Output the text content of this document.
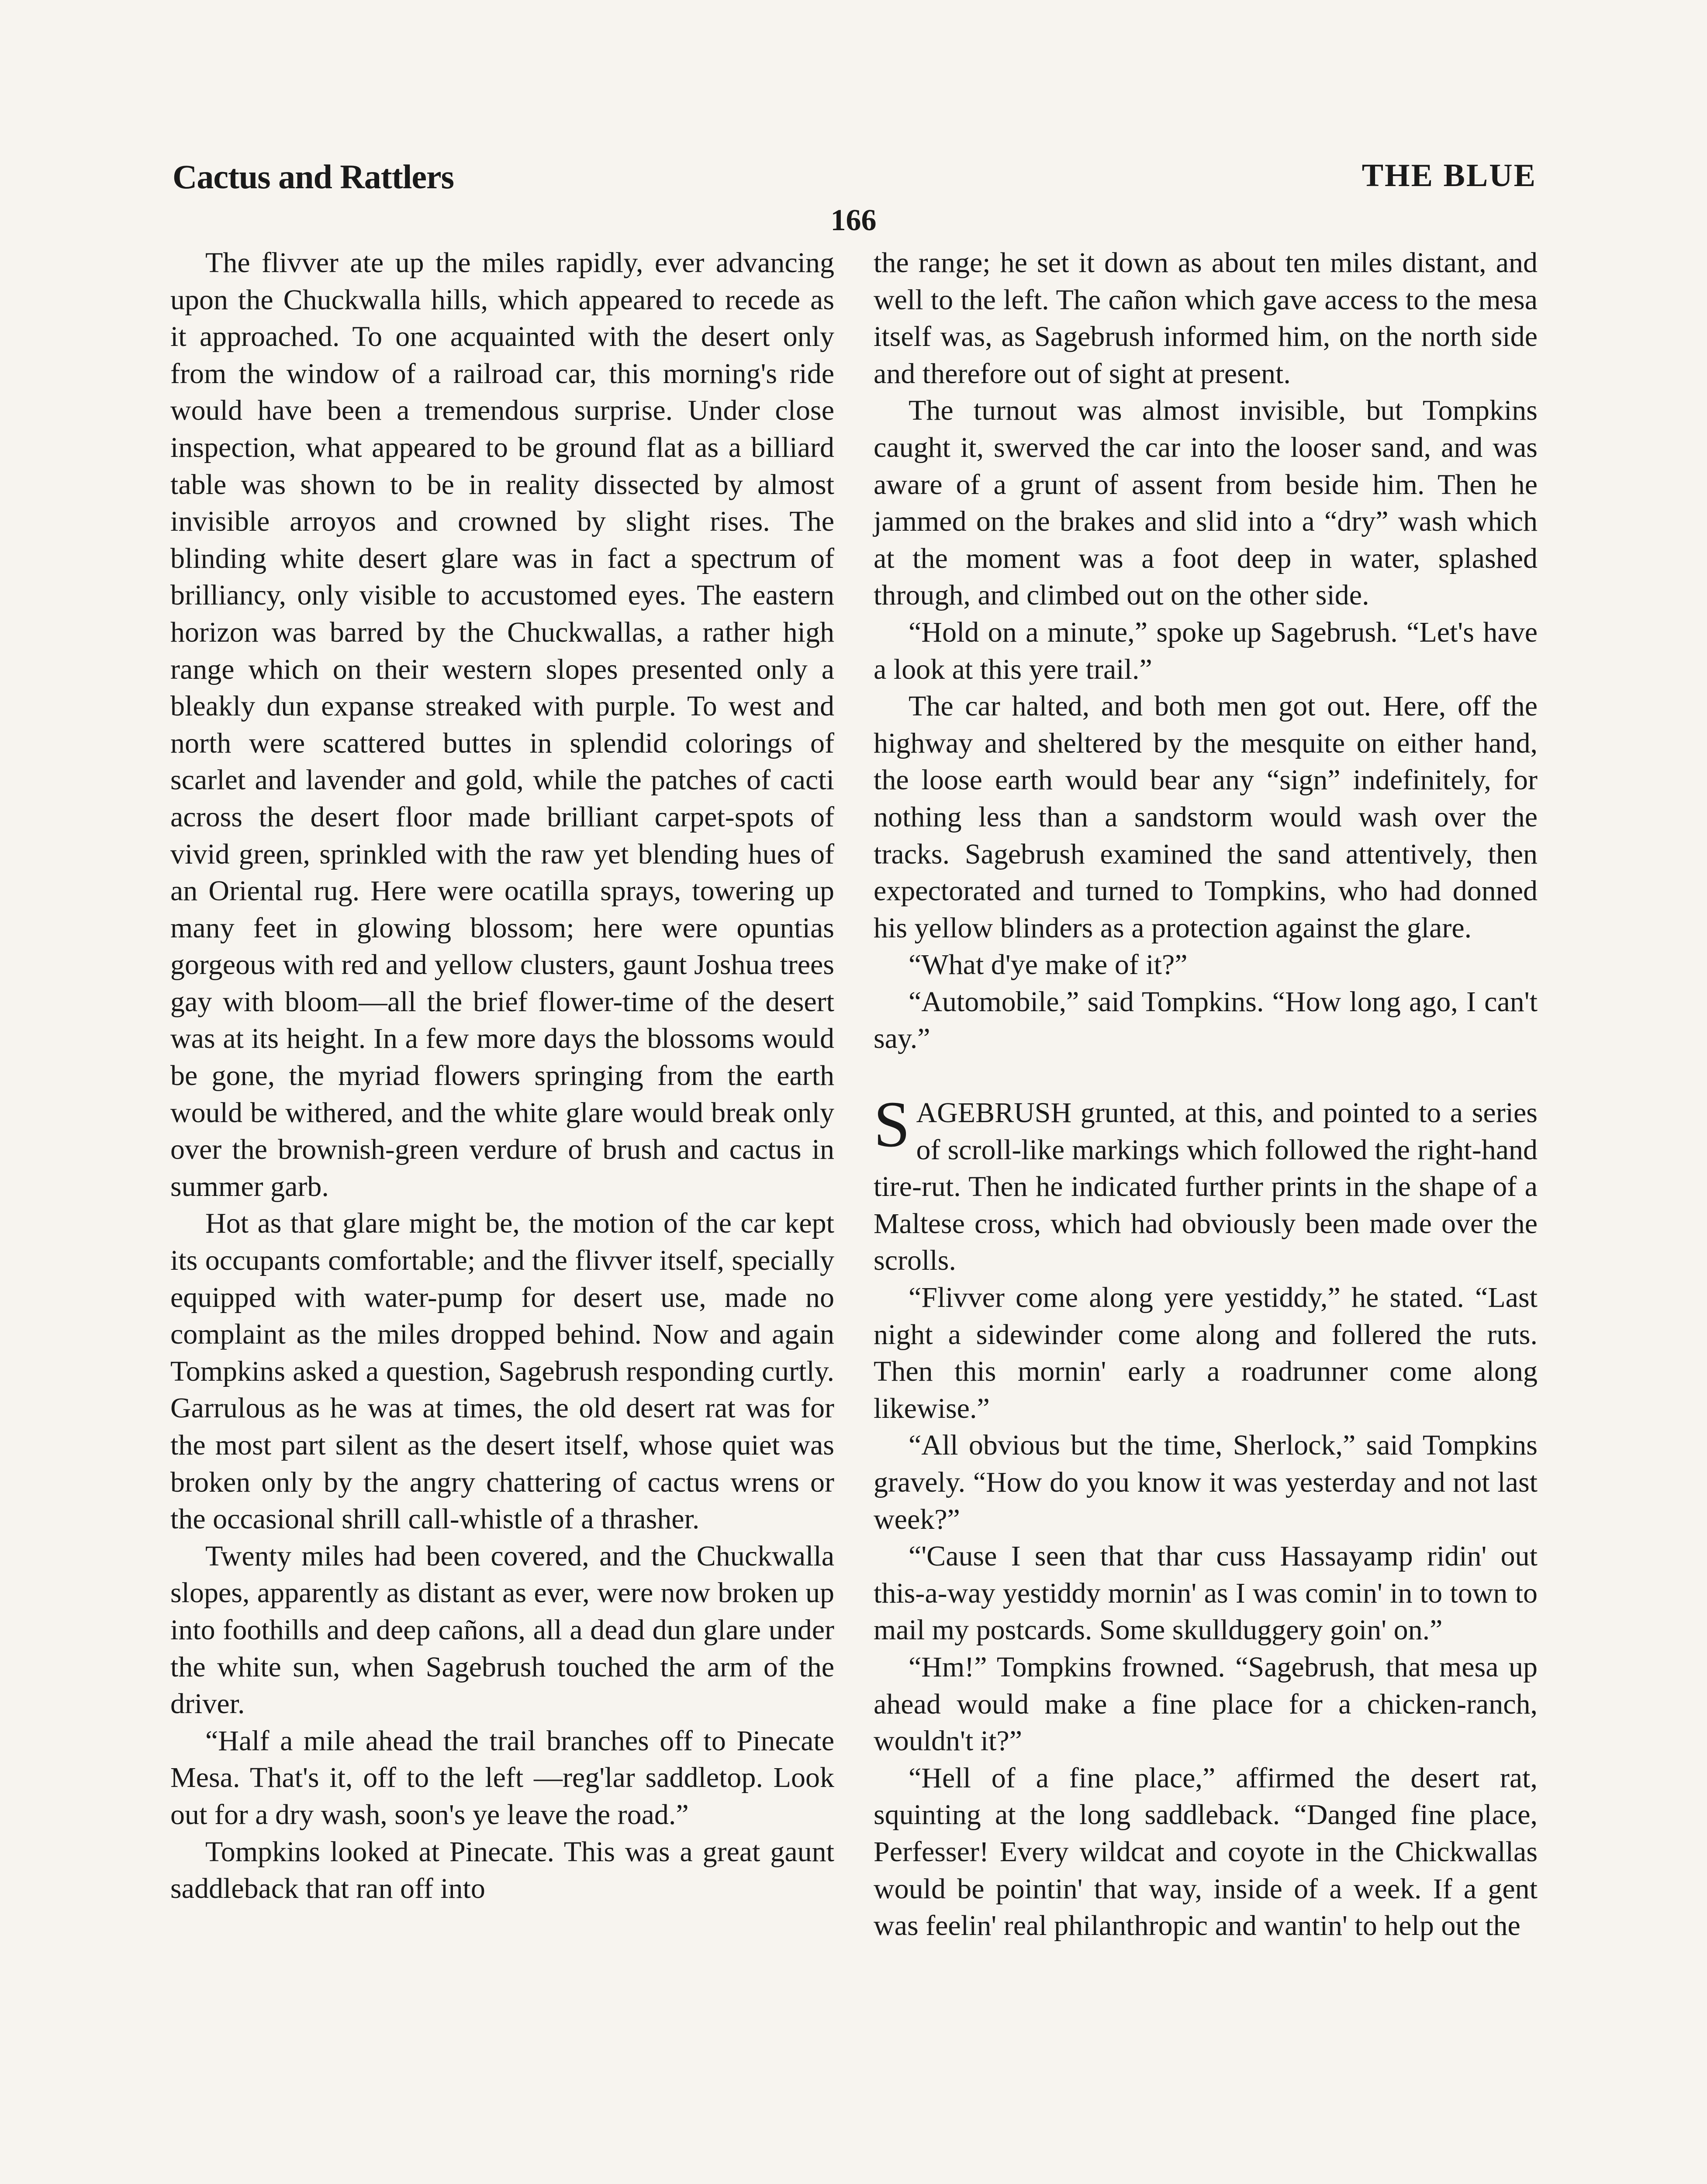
Cactus and Rattlers	THE BLUE
166

The flivver ate up the miles rapidly, ever advancing upon the Chuckwalla hills, which appeared to recede as it approached. To one acquainted with the desert only from the window of a railroad car, this morning's ride would have been a tremendous surprise. Under close inspection, what appeared to be ground flat as a billiard table was shown to be in reality dissected by almost invisible arroyos and crowned by slight rises. The blinding white desert glare was in fact a spectrum of brilliancy, only visible to accustomed eyes. The eastern horizon was barred by the Chuckwallas, a rather high range which on their western slopes presented only a bleakly dun expanse streaked with purple. To west and north were scattered buttes in splendid colorings of scarlet and lavender and gold, while the patches of cacti across the desert floor made brilliant carpet-spots of vivid green, sprinkled with the raw yet blending hues of an Oriental rug. Here were ocatilla sprays, towering up many feet in glowing blossom; here were opuntias gorgeous with red and yellow clusters, gaunt Joshua trees gay with bloom—all the brief flower-time of the desert was at its height. In a few more days the blossoms would be gone, the myriad flowers springing from the earth would be withered, and the white glare would break only over the brownish-green verdure of brush and cactus in summer garb.

Hot as that glare might be, the motion of the car kept its occupants comfortable; and the flivver itself, specially equipped with water-pump for desert use, made no complaint as the miles dropped behind. Now and again Tompkins asked a question, Sagebrush responding curtly. Garrulous as he was at times, the old desert rat was for the most part silent as the desert itself, whose quiet was broken only by the angry chattering of cactus wrens or the occasional shrill call-whistle of a thrasher.

Twenty miles had been covered, and the Chuckwalla slopes, apparently as distant as ever, were now broken up into foothills and deep cañons, all a dead dun glare under the white sun, when Sagebrush touched the arm of the driver.

“Half a mile ahead the trail branches off to Pinecate Mesa. That's it, off to the left —reg'lar saddletop. Look out for a dry wash, soon's ye leave the road.”

Tompkins looked at Pinecate. This was a great gaunt saddleback that ran off into

the range; he set it down as about ten miles distant, and well to the left. The cañon which gave access to the mesa itself was, as Sagebrush informed him, on the north side and therefore out of sight at present.

The turnout was almost invisible, but Tompkins caught it, swerved the car into the looser sand, and was aware of a grunt of assent from beside him. Then he jammed on the brakes and slid into a “dry” wash which at the moment was a foot deep in water, splashed through, and climbed out on the other side.

“Hold on a minute,” spoke up Sagebrush. “Let's have a look at this yere trail.”

The car halted, and both men got out. Here, off the highway and sheltered by the mesquite on either hand, the loose earth would bear any “sign” indefinitely, for nothing less than a sandstorm would wash over the tracks. Sagebrush examined the sand attentively, then expectorated and turned to Tompkins, who had donned his yellow blinders as a protection against the glare.

“What d'ye make of it?”

“Automobile,” said Tompkins. “How long ago, I can't say.”

SAGEBRUSH grunted, at this, and pointed to a series of scroll-like markings which followed the right-hand tire-rut. Then he indicated further prints in the shape of a Maltese cross, which had obviously been made over the scrolls.

“Flivver come along yere yestiddy,” he stated. “Last night a sidewinder come along and follered the ruts. Then this mornin' early a roadrunner come along likewise.”

“All obvious but the time, Sherlock,” said Tompkins gravely. “How do you know it was yesterday and not last week?”

“'Cause I seen that thar cuss Hassayamp ridin' out this-a-way yestiddy mornin' as I was comin' in to town to mail my postcards. Some skullduggery goin' on.”

“Hm!” Tompkins frowned. “Sagebrush, that mesa up ahead would make a fine place for a chicken-ranch, wouldn't it?”

“Hell of a fine place,” affirmed the desert rat, squinting at the long saddleback. “Danged fine place, Perfesser! Every wildcat and coyote in the Chickwallas would be pointin' that way, inside of a week. If a gent was feelin' real philanthropic and wantin' to help out the
